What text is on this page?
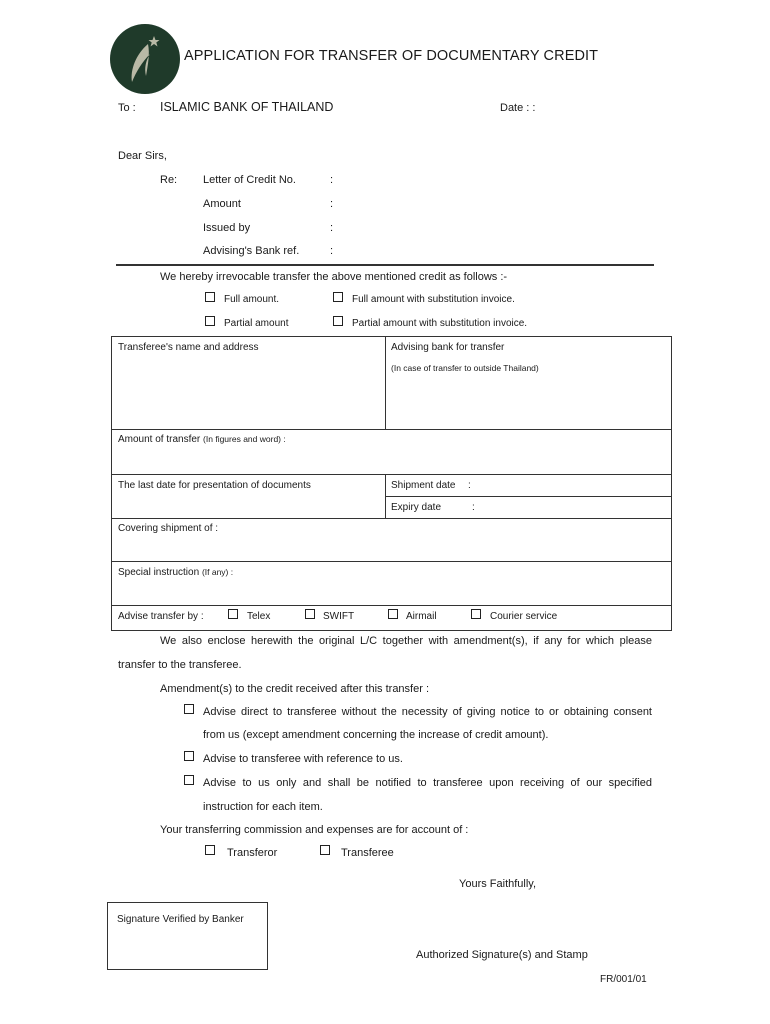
APPLICATION FOR TRANSFER OF DOCUMENTARY CREDIT
To : ISLAMIC BANK OF THAILAND	Date : :
Dear Sirs,
Re: Letter of Credit No.	:
Amount	:
Issued by	:
Advising's Bank ref.	:
We hereby irrevocable transfer the above mentioned credit as follows :-
Full amount.	Full amount with substitution invoice.
Partial amount	Partial amount with substitution invoice.
Transferee's name and address	Advising bank for transfer
(In case of transfer to outside Thailand)
Amount of transfer (In figures and word) :
The last date for presentation of documents	Shipment date :
Expiry date	:
Covering shipment of :
Special instruction (If any) :
Advise transfer by :	Telex	SWIFT	Airmail	Courier service
We also enclose herewith the original L/C together with amendment(s), if any for which please
transfer to the transferee.
Amendment(s) to the credit received after this transfer :
Advise direct to transferee without the necessity of giving notice to or obtaining consent
from us (except amendment concerning the increase of credit amount).
Advise to transferee with reference to us.
Advise to us only and shall be notified to transferee upon receiving of our specified
instruction for each item.
Your transferring commission and expenses are for account of :
Transferor	Transferee
Yours Faithfully,
Signature Verified by Banker
Authorized Signature(s) and Stamp
FR/001/01
